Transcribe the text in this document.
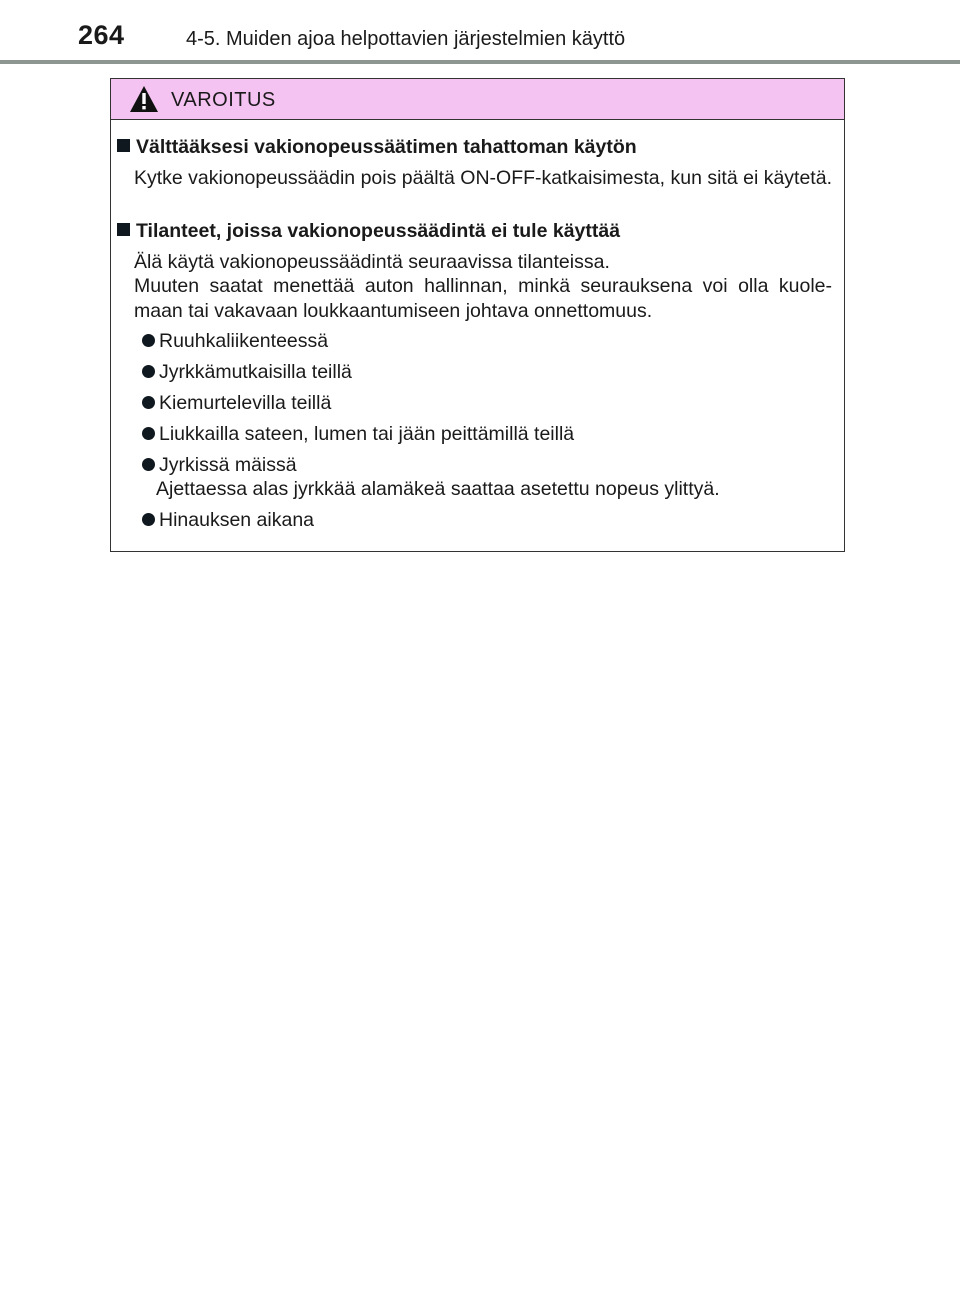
264	4-5. Muiden ajoa helpottavien järjestelmien käyttö
VAROITUS
Välttääksesi vakionopeussäätimen tahattoman käytön
Kytke vakionopeussäädin pois päältä ON-OFF-katkaisimesta, kun sitä ei käytetä.
Tilanteet, joissa vakionopeussäädintä ei tule käyttää
Älä käytä vakionopeussäädintä seuraavissa tilanteissa.
Muuten saatat menettää auton hallinnan, minkä seurauksena voi olla kuole-maan tai vakavaan loukkaantumiseen johtava onnettomuus.
Ruuhkaliikenteessä
Jyrkkämutkaisilla teillä
Kiemurtelevilla teillä
Liukkailla sateen, lumen tai jään peittämillä teillä
Jyrkissä mäissä
Ajettaessa alas jyrkkää alamäkeä saattaa asetettu nopeus ylittyä.
Hinauksen aikana
